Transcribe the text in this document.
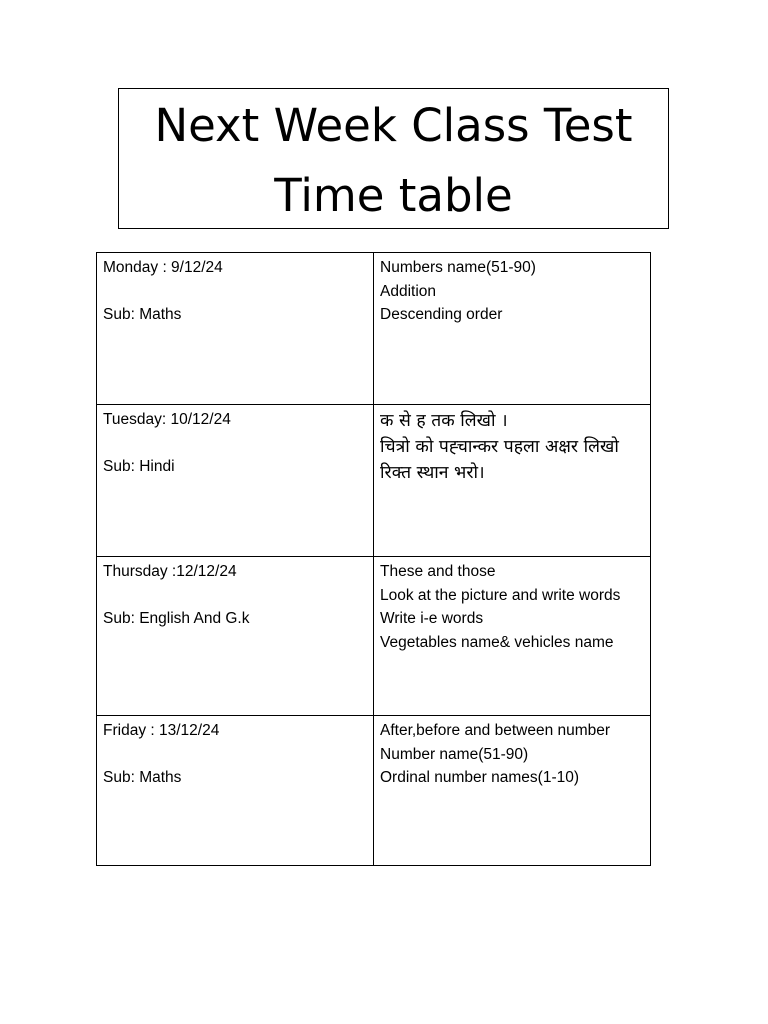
Next Week Class Test
Time table
Monday : 9/12/24
Sub: Maths	Numbers name(51-90)
Addition
Descending order

Tuesday: 10/12/24
Sub: Hindi	क से ह तक लिखो ।
चित्रो को पह्चान्कर पहला अक्षर लिखो
रिक्त स्थान भरो।

Thursday :12/12/24
Sub: English And G.k	These and those
Look at the picture and write words
Write i-e words
Vegetables name& vehicles name

Friday : 13/12/24
Sub: Maths	After,before and between number
Number name(51-90)
Ordinal number names(1-10)
